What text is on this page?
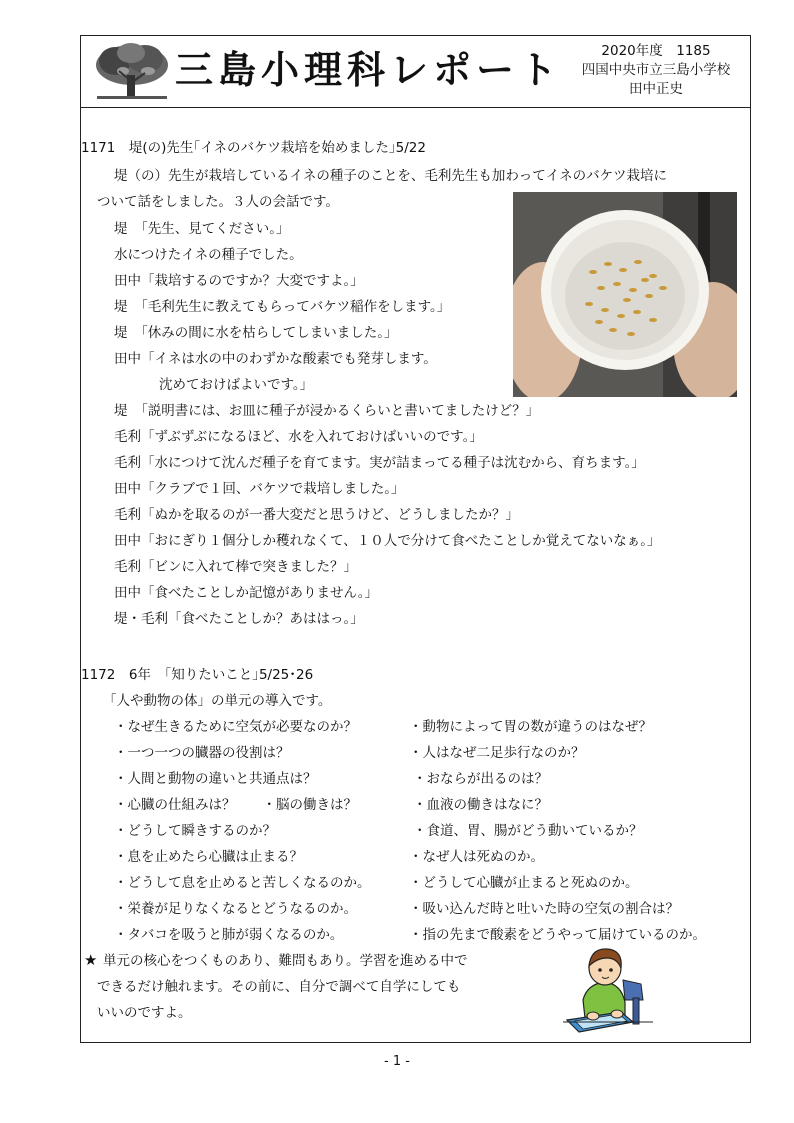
三島小理科レポート	2020年度　1185
四国中央市立三島小学校
田中正史
1171　堤(の)先生｢イネのバケツ栽培を始めました｣5/22
堤（の）先生が栽培しているイネの種子のことを、毛利先生も加わってイネのバケツ栽培に
ついて話をしました。３人の会話です。
堤　「先生、見てください。」
水につけたイネの種子でした。
田中「栽培するのですか？大変ですよ。」
堤　「毛利先生に教えてもらってバケツ稲作をします。」
堤　「休みの間に水を枯らしてしまいました。」
田中「イネは水の中のわずかな酸素でも発芽します。
沈めておけばよいです。」
堤　「説明書には、お皿に種子が浸かるくらいと書いてましたけど？」
毛利「ずぶずぶになるほど、水を入れておけばいいのです。」
毛利「水につけて沈んだ種子を育てます。実が詰まってる種子は沈むから、育ちます。」
田中「クラブで１回、バケツで栽培しました。」
毛利「ぬかを取るのが一番大変だと思うけど、どうしましたか？」
田中「おにぎり１個分しか穫れなくて、１０人で分けて食べたことしか覚えてないなぁ。」
毛利「ビンに入れて棒で突きました？」
田中「食べたことしか記憶がありません。」
堤・毛利「食べたことしか？あははっ。」
1172　6年　｢知りたいこと｣5/25･26
「人や動物の体」の単元の導入です。
・なぜ生きるために空気が必要なのか？
・一つ一つの臓器の役割は？
・人間と動物の違いと共通点は？
・心臓の仕組みは？　　・脳の働きは？
・どうして瞬きするのか？
・息を止めたら心臓は止まる？
・どうして息を止めると苦しくなるのか。
・栄養が足りなくなるとどうなるのか。
・タバコを吸うと肺が弱くなるのか。
・動物によって胃の数が違うのはなぜ？
・人はなぜ二足歩行なのか？
・おならが出るのは？
・血液の働きはなに？
・食道、胃、腸がどう動いているか？
・なぜ人は死ぬのか。
・どうして心臓が止まると死ぬのか。
・吸い込んだ時と吐いた時の空気の割合は？
・指の先まで酸素をどうやって届けているのか。
★ 単元の核心をつくものあり、難問もあり。学習を進める中で
できるだけ触れます。その前に、自分で調べて自学にしても
いいのですよ。
- 1 -
